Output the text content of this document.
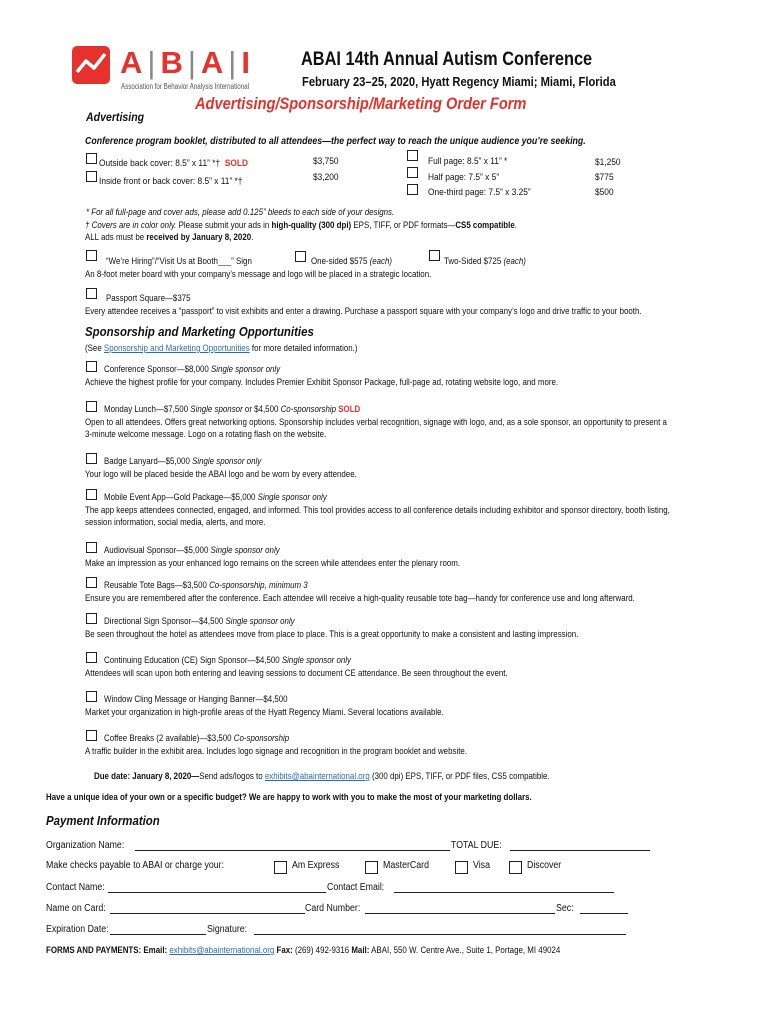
A|B|A|I
Association for Behavior Analysis International
ABAI 14th Annual Autism Conference
February 23–25, 2020, Hyatt Regency Miami; Miami, Florida
Advertising/Sponsorship/Marketing Order Form
Advertising
Conference program booklet, distributed to all attendees—the perfect way to reach the unique audience you’re seeking.
Outside back cover: 8.5” x 11” *† SOLD	$3,750
Inside front or back cover: 8.5” x 11” *†	$3,200
Full page: 8.5” x 11” *	$1,250
Half page: 7.5” x 5”	$775
One-third page: 7.5” x 3.25”	$500
* For all full-page and cover ads, please add 0.125” bleeds to each side of your designs.
† Covers are in color only. Please submit your ads in high-quality (300 dpi) EPS, TIFF, or PDF formats—CS5 compatible.
ALL ads must be received by January 8, 2020.
“We’re Hiring”/“Visit Us at Booth___” Sign	One-sided $575 (each)	Two-Sided $725 (each)
An 8-foot meter board with your company’s message and logo will be placed in a strategic location.
Passport Square—$375
Every attendee receives a “passport” to visit exhibits and enter a drawing. Purchase a passport square with your company’s logo and drive traffic to your booth.
Sponsorship and Marketing Opportunities
(See Sponsorship and Marketing Opportunities for more detailed information.)
Conference Sponsor—$8,000 Single sponsor only
Achieve the highest profile for your company. Includes Premier Exhibit Sponsor Package, full-page ad, rotating website logo, and more.
Monday Lunch—$7,500 Single sponsor or $4,500 Co-sponsorship SOLD
Open to all attendees. Offers great networking options. Sponsorship includes verbal recognition, signage with logo, and, as a sole sponsor, an opportunity to present a
3-minute welcome message. Logo on a rotating flash on the website.
Badge Lanyard—$5,000 Single sponsor only
Your logo will be placed beside the ABAI logo and be worn by every attendee.
Mobile Event App—Gold Package—$5,000 Single sponsor only
The app keeps attendees connected, engaged, and informed. This tool provides access to all conference details including exhibitor and sponsor directory, booth listing,
session information, social media, alerts, and more.
Audiovisual Sponsor—$5,000 Single sponsor only
Make an impression as your enhanced logo remains on the screen while attendees enter the plenary room.
Reusable Tote Bags—$3,500 Co-sponsorship, minimum 3
Ensure you are remembered after the conference. Each attendee will receive a high-quality reusable tote bag—handy for conference use and long afterward.
Directional Sign Sponsor—$4,500 Single sponsor only
Be seen throughout the hotel as attendees move from place to place. This is a great opportunity to make a consistent and lasting impression.
Continuing Education (CE) Sign Sponsor—$4,500 Single sponsor only
Attendees will scan upon both entering and leaving sessions to document CE attendance. Be seen throughout the event.
Window Cling Message or Hanging Banner—$4,500
Market your organization in high-profile areas of the Hyatt Regency Miami. Several locations available.
Coffee Breaks (2 available)—$3,500 Co-sponsorship
A traffic builder in the exhibit area. Includes logo signage and recognition in the program booklet and website.
Due date: January 8, 2020—Send ads/logos to exhibits@abainternational.org (300 dpi) EPS, TIFF, or PDF files, CS5 compatible.
Have a unique idea of your own or a specific budget? We are happy to work with you to make the most of your marketing dollars.
Payment Information
Organization Name:	TOTAL DUE:
Make checks payable to ABAI or charge your:	Am Express	MasterCard	Visa	Discover
Contact Name:	Contact Email:
Name on Card:	Card Number:	Sec:
Expiration Date:	Signature:
FORMS AND PAYMENTS: Email: exhibits@abainternational.org Fax: (269) 492-9316 Mail: ABAI, 550 W. Centre Ave., Suite 1, Portage, MI 49024
